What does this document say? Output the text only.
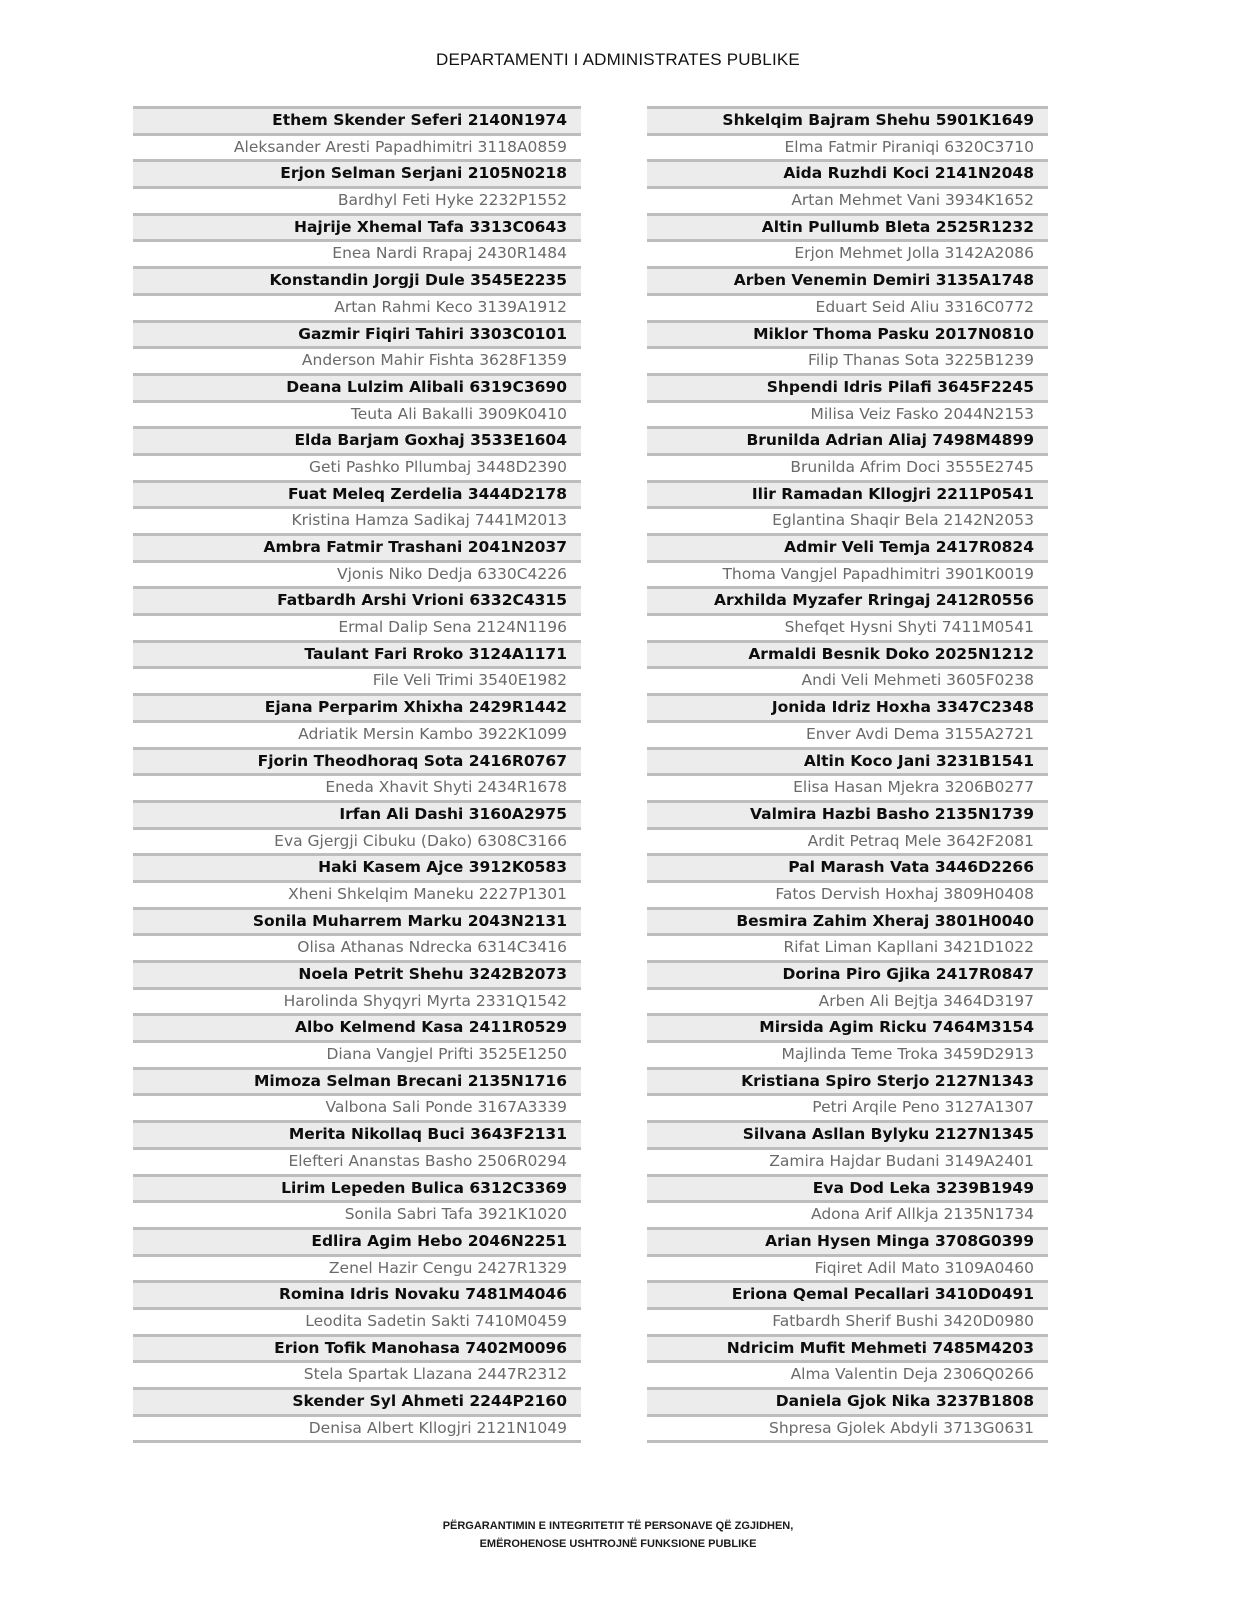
DEPARTAMENTI I ADMINISTRATES PUBLIKE
Ethem Skender Seferi 2140N1974
Aleksander Aresti Papadhimitri 3118A0859
Erjon Selman Serjani 2105N0218
Bardhyl Feti Hyke 2232P1552
Hajrije Xhemal Tafa 3313C0643
Enea Nardi Rrapaj 2430R1484
Konstandin Jorgji Dule 3545E2235
Artan Rahmi Keco 3139A1912
Gazmir Fiqiri Tahiri 3303C0101
Anderson Mahir Fishta 3628F1359
Deana Lulzim Alibali 6319C3690
Teuta Ali Bakalli 3909K0410
Elda Barjam Goxhaj 3533E1604
Geti Pashko Pllumbaj 3448D2390
Fuat Meleq Zerdelia 3444D2178
Kristina Hamza Sadikaj 7441M2013
Ambra Fatmir Trashani 2041N2037
Vjonis Niko Dedja 6330C4226
Fatbardh Arshi Vrioni 6332C4315
Ermal Dalip Sena 2124N1196
Taulant Fari Rroko 3124A1171
File Veli Trimi 3540E1982
Ejana Perparim Xhixha 2429R1442
Adriatik Mersin Kambo 3922K1099
Fjorin Theodhoraq Sota 2416R0767
Eneda Xhavit Shyti 2434R1678
Irfan Ali Dashi 3160A2975
Eva Gjergji Cibuku (Dako) 6308C3166
Haki Kasem Ajce 3912K0583
Xheni Shkelqim Maneku 2227P1301
Sonila Muharrem Marku 2043N2131
Olisa Athanas Ndrecka 6314C3416
Noela Petrit Shehu 3242B2073
Harolinda Shyqyri Myrta 2331Q1542
Albo Kelmend Kasa 2411R0529
Diana Vangjel Prifti 3525E1250
Mimoza Selman Brecani 2135N1716
Valbona Sali Ponde 3167A3339
Merita Nikollaq Buci 3643F2131
Elefteri Ananstas Basho 2506R0294
Lirim Lepeden Bulica 6312C3369
Sonila Sabri Tafa 3921K1020
Edlira Agim Hebo 2046N2251
Zenel Hazir Cengu 2427R1329
Romina Idris Novaku 7481M4046
Leodita Sadetin Sakti 7410M0459
Erion Tofik Manohasa 7402M0096
Stela Spartak Llazana 2447R2312
Skender Syl Ahmeti 2244P2160
Denisa Albert Kllogjri 2121N1049
Shkelqim Bajram Shehu 5901K1649
Elma Fatmir Piraniqi 6320C3710
Aida Ruzhdi Koci 2141N2048
Artan Mehmet Vani 3934K1652
Altin Pullumb Bleta 2525R1232
Erjon Mehmet Jolla 3142A2086
Arben Venemin Demiri 3135A1748
Eduart Seid Aliu 3316C0772
Miklor Thoma Pasku 2017N0810
Filip Thanas Sota 3225B1239
Shpendi Idris Pilafi 3645F2245
Milisa Veiz Fasko 2044N2153
Brunilda Adrian Aliaj 7498M4899
Brunilda Afrim Doci 3555E2745
Ilir Ramadan Kllogjri 2211P0541
Eglantina Shaqir Bela 2142N2053
Admir Veli Temja 2417R0824
Thoma Vangjel Papadhimitri 3901K0019
Arxhilda Myzafer Rringaj 2412R0556
Shefqet Hysni Shyti 7411M0541
Armaldi Besnik Doko 2025N1212
Andi Veli Mehmeti 3605F0238
Jonida Idriz Hoxha 3347C2348
Enver Avdi Dema 3155A2721
Altin Koco Jani 3231B1541
Elisa Hasan Mjekra 3206B0277
Valmira Hazbi Basho 2135N1739
Ardit Petraq Mele 3642F2081
Pal Marash Vata 3446D2266
Fatos Dervish Hoxhaj 3809H0408
Besmira Zahim Xheraj 3801H0040
Rifat Liman Kapllani 3421D1022
Dorina Piro Gjika 2417R0847
Arben Ali Bejtja 3464D3197
Mirsida Agim Ricku 7464M3154
Majlinda Teme Troka 3459D2913
Kristiana Spiro Sterjo 2127N1343
Petri Arqile Peno 3127A1307
Silvana Asllan Bylyku 2127N1345
Zamira Hajdar Budani 3149A2401
Eva Dod Leka 3239B1949
Adona Arif Allkja 2135N1734
Arian Hysen Minga 3708G0399
Fiqiret Adil Mato 3109A0460
Eriona Qemal Pecallari 3410D0491
Fatbardh Sherif Bushi 3420D0980
Ndricim Mufit Mehmeti 7485M4203
Alma Valentin Deja 2306Q0266
Daniela Gjok Nika 3237B1808
Shpresa Gjolek Abdyli 3713G0631
PËRGARANTIMIN E INTEGRITETIT TË PERSONAVE QË ZGJIDHEN,
EMËROHENOSE USHTROJNË FUNKSIONE PUBLIKE
